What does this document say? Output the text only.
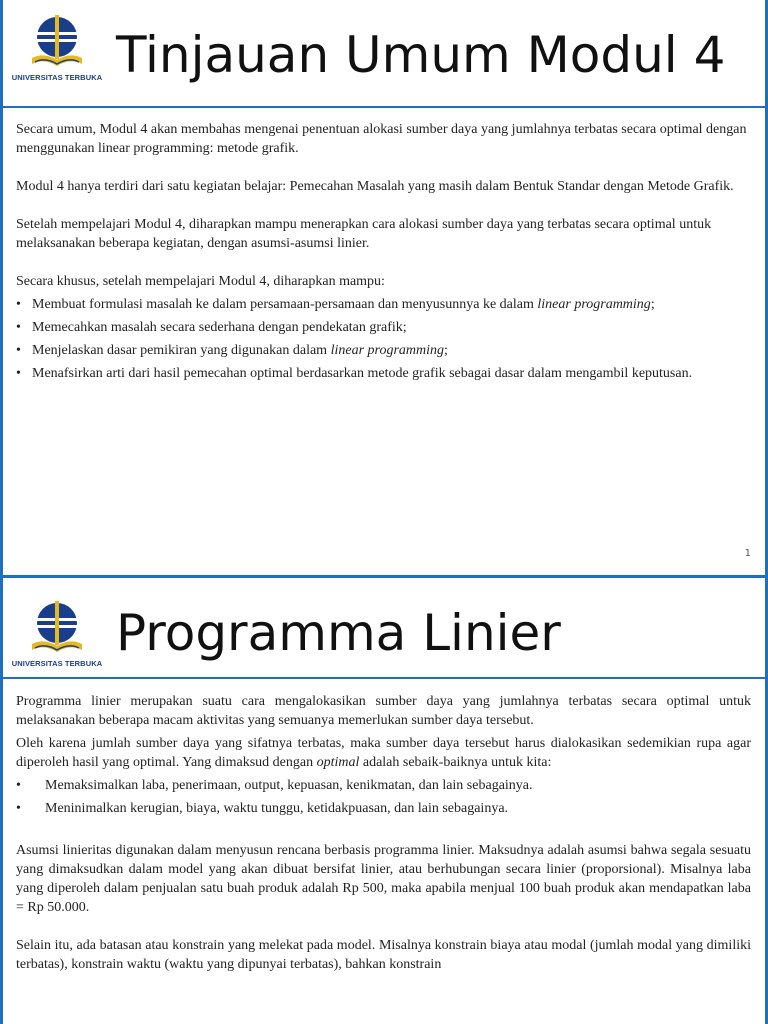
UNIVERSITAS TERBUKA Tinjauan Umum Modul 4

Secara umum, Modul 4 akan membahas mengenai penentuan alokasi sumber daya yang jumlahnya terbatas secara optimal dengan menggunakan linear programming: metode grafik.

Modul 4 hanya terdiri dari satu kegiatan belajar: Pemecahan Masalah yang masih dalam Bentuk Standar dengan Metode Grafik.

Setelah mempelajari Modul 4, diharapkan mampu menerapkan cara alokasi sumber daya yang terbatas secara optimal untuk melaksanakan beberapa kegiatan, dengan asumsi-asumsi linier.

Secara khusus, setelah mempelajari Modul 4, diharapkan mampu:

• Membuat formulasi masalah ke dalam persamaan-persamaan dan menyusunnya ke dalam linear programming;
• Memecahkan masalah secara sederhana dengan pendekatan grafik;
• Menjelaskan dasar pemikiran yang digunakan dalam linear programming;
• Menafsirkan arti dari hasil pemecahan optimal berdasarkan metode grafik sebagai dasar dalam mengambil keputusan.
1
UNIVERSITAS TERBUKA
Programma Linier

Programma linier merupakan suatu cara mengalokasikan sumber daya yang jumlahnya terbatas secara optimal untuk melaksanakan beberapa macam aktivitas yang semuanya memerlukan sumber daya tersebut.

Oleh karena jumlah sumber daya yang sifatnya terbatas, maka sumber daya tersebut harus dialokasikan sedemikian rupa agar diperoleh hasil yang optimal. Yang dimaksud dengan optimal adalah sebaik-baiknya untuk kita:

• Memaksimalkan laba, penerimaan, output, kepuasan, kenikmatan, dan lain sebagainya.
• Meninimalkan kerugian, biaya, waktu tunggu, ketidakpuasan, dan lain sebagainya.

Asumsi linieritas digunakan dalam menyusun rencana berbasis programma linier. Maksudnya adalah asumsi bahwa segala sesuatu yang dimaksudkan dalam model yang akan dibuat bersifat linier, atau berhubungan secara linier (proporsional). Misalnya laba yang diperoleh dalam penjualan satu buah produk adalah Rp 500, maka apabila menjual 100 buah produk akan mendapatkan laba = Rp 50.000.

Selain itu, ada batasan atau konstrain yang melekat pada model. Misalnya konstrain biaya atau modal (jumlah modal yang dimiliki terbatas), konstrain waktu (waktu yang dipunyai terbatas), bahkan konstrain
